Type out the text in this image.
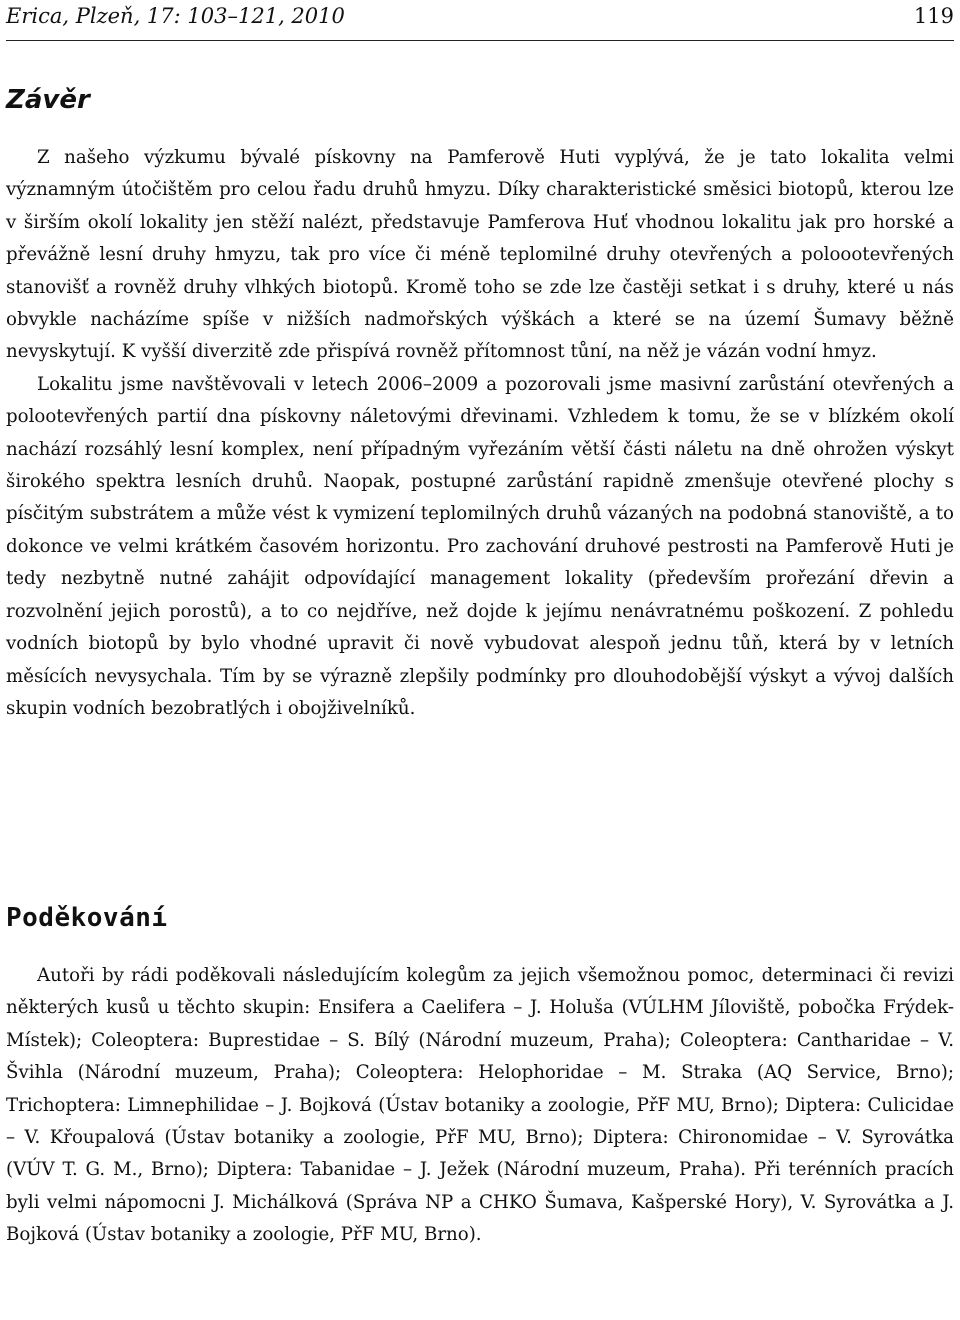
Erica, Plzeň, 17: 103–121, 2010	119
Závěr

Z našeho výzkumu bývalé pískovny na Pamferově Huti vyplývá, že je tato lokalita velmi významným útočištěm pro celou řadu druhů hmyzu. Díky charakteristické směsici biotopů, kterou lze v širším okolí lokality jen stěží nalézt, představuje Pamferova Huť vhodnou lokalitu jak pro horské a převážně lesní druhy hmyzu, tak pro více či méně teplomilné druhy otevřených a poloootevřených stanovišť a rovněž druhy vlhkých biotopů. Kromě toho se zde lze častěji setkat i s druhy, které u nás obvykle nacházíme spíše v nižších nadmořských výškách a které se na území Šumavy běžně nevyskytují. K vyšší diverzitě zde přispívá rovněž přítomnost tůní, na něž je vázán vodní hmyz.

Lokalitu jsme navštěvovali v letech 2006–2009 a pozorovali jsme masivní zarůstání otevřených a polootevřených partií dna pískovny náletovými dřevinami. Vzhledem k tomu, že se v blízkém okolí nachází rozsáhlý lesní komplex, není případným vyřezáním větší části náletu na dně ohrožen výskyt širokého spektra lesních druhů. Naopak, postupné zarůstání rapidně zmenšuje otevřené plochy s písčitým substrátem a může vést k vymizení teplomilných druhů vázaných na podobná stanoviště, a to dokonce ve velmi krátkém časovém horizontu. Pro zachování druhové pestrosti na Pamferově Huti je tedy nezbytně nutné zahájit odpovídající management lokality (především prořezání dřevin a rozvolnění jejich porostů), a to co nejdříve, než dojde k jejímu nenávratnému poškození. Z pohledu vodních biotopů by bylo vhodné upravit či nově vybudovat alespoň jednu tůň, která by v letních měsících nevysychala. Tím by se výrazně zlepšily podmínky pro dlouhodobější výskyt a vývoj dalších skupin vodních bezobratlých i obojživelníků.

Poděkování

Autoři by rádi poděkovali následujícím kolegům za jejich všemožnou pomoc, determinaci či revizi některých kusů u těchto skupin: Ensifera a Caelifera – J. Holuša (VÚLHM Jíloviště, pobočka Frýdek-Místek); Coleoptera: Buprestidae – S. Bílý (Národní muzeum, Praha); Coleoptera: Cantharidae – V. Švihla (Národní muzeum, Praha); Coleoptera: Helophoridae – M. Straka (AQ Service, Brno); Trichoptera: Limnephilidae – J. Bojková (Ústav botaniky a zoologie, PřF MU, Brno); Diptera: Culicidae – V. Křoupalová (Ústav botaniky a zoologie, PřF MU, Brno); Diptera: Chironomidae – V. Syrovátka (VÚV T. G. M., Brno); Diptera: Tabanidae – J. Ježek (Národní muzeum, Praha). Při terénních pracích byli velmi nápomocni J. Michálková (Správa NP a CHKO Šumava, Kašperské Hory), V. Syrovátka a J. Bojková (Ústav botaniky a zoologie, PřF MU, Brno).
